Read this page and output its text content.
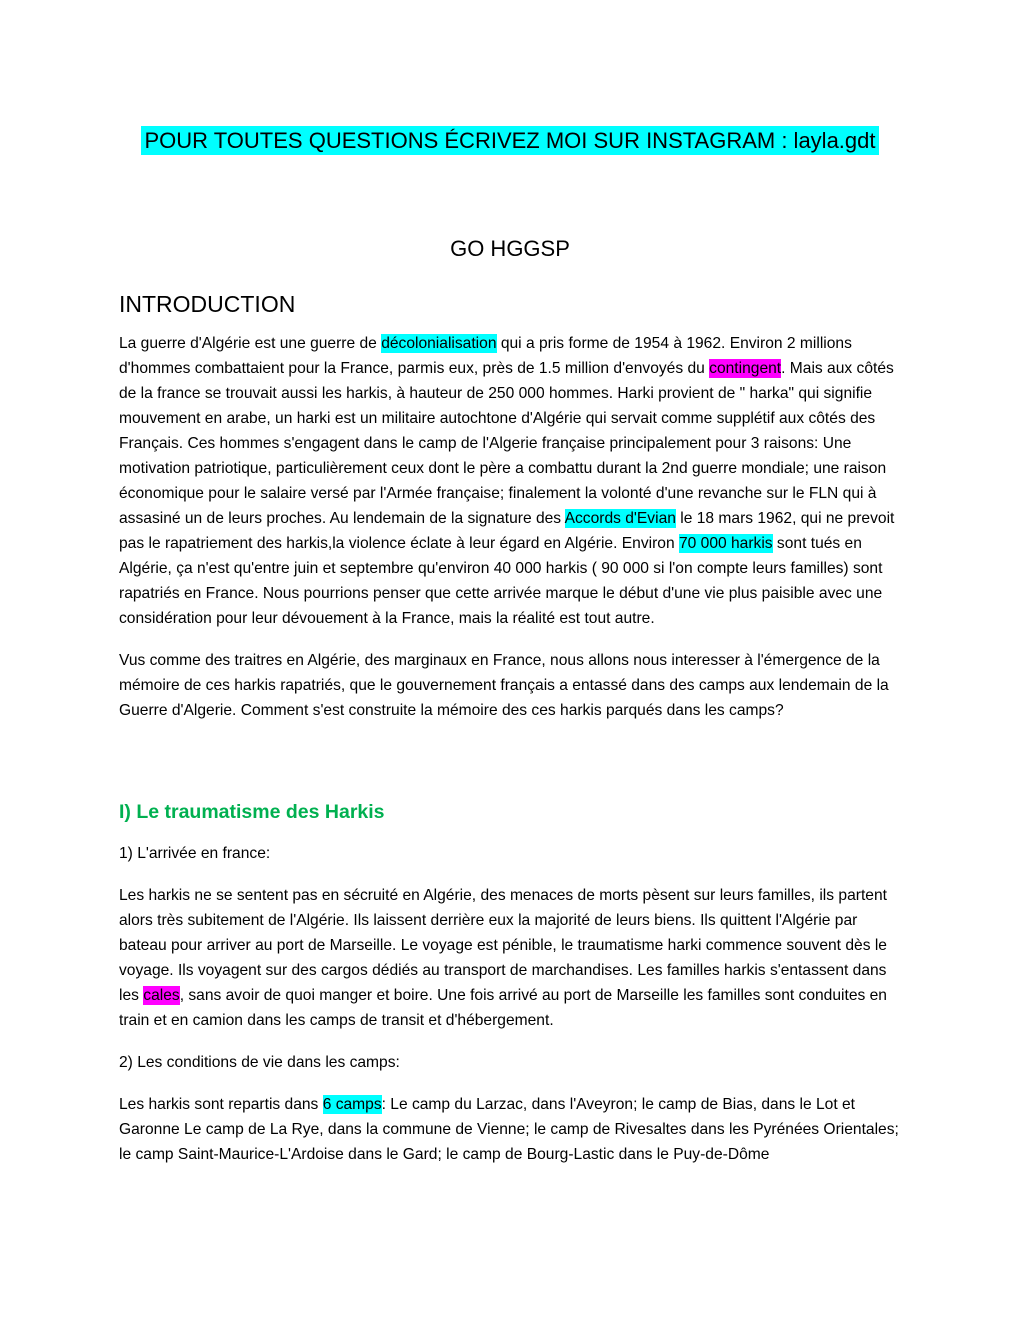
POUR TOUTES QUESTIONS ÉCRIVEZ MOI SUR INSTAGRAM : layla.gdt
GO HGGSP
INTRODUCTION

La guerre d'Algérie est une guerre de décolonialisation qui a pris forme de 1954 à 1962. Environ 2 millions d'hommes combattaient pour la France, parmis eux, près de 1.5 million d'envoyés du contingent. Mais aux côtés de la france se trouvait aussi les harkis, à hauteur de 250 000 hommes. Harki provient de " harka" qui signifie mouvement en arabe, un harki est un militaire autochtone d'Algérie qui servait comme supplétif aux côtés des Français. Ces hommes s'engagent dans le camp de l'Algerie française principalement pour 3 raisons: Une motivation patriotique, particulièrement ceux dont le père a combattu durant la 2nd guerre mondiale; une raison économique pour le salaire versé par l'Armée française; finalement la volonté d'une revanche sur le FLN qui à assasiné un de leurs proches. Au lendemain de la signature des Accords d'Evian le 18 mars 1962, qui ne prevoit pas le rapatriement des harkis,la violence éclate à leur égard en Algérie. Environ 70 000 harkis sont tués en Algérie, ça n'est qu'entre juin et septembre qu'environ 40 000 harkis ( 90 000 si l'on compte leurs familles) sont rapatriés en France. Nous pourrions penser que cette arrivée marque le début d'une vie plus paisible avec une considération pour leur dévouement à la France, mais la réalité est tout autre.

Vus comme des traitres en Algérie, des marginaux en France, nous allons nous interesser à l'émergence de la mémoire de ces harkis rapatriés, que le gouvernement français a entassé dans des camps aux lendemain de la Guerre d'Algerie. Comment s'est construite la mémoire des ces harkis parqués dans les camps?

I) Le traumatisme des Harkis

1) L'arrivée en france:

Les harkis ne se sentent pas en sécruité en Algérie, des menaces de morts pèsent sur leurs familles, ils partent alors très subitement de l'Algérie. Ils laissent derrière eux la majorité de leurs biens. Ils quittent l'Algérie par bateau pour arriver au port de Marseille. Le voyage est pénible, le traumatisme harki commence souvent dès le voyage. Ils voyagent sur des cargos dédiés au transport de marchandises. Les familles harkis s'entassent dans les cales, sans avoir de quoi manger et boire. Une fois arrivé au port de Marseille les familles sont conduites en train et en camion dans les camps de transit et d'hébergement.

2) Les conditions de vie dans les camps:

Les harkis sont repartis dans 6 camps: Le camp du Larzac, dans l'Aveyron; le camp de Bias, dans le Lot et Garonne Le camp de La Rye, dans la commune de Vienne; le camp de Rivesaltes dans les Pyrénées Orientales; le camp Saint-Maurice-L'Ardoise dans le Gard; le camp de Bourg-Lastic dans le Puy-de-Dôme
